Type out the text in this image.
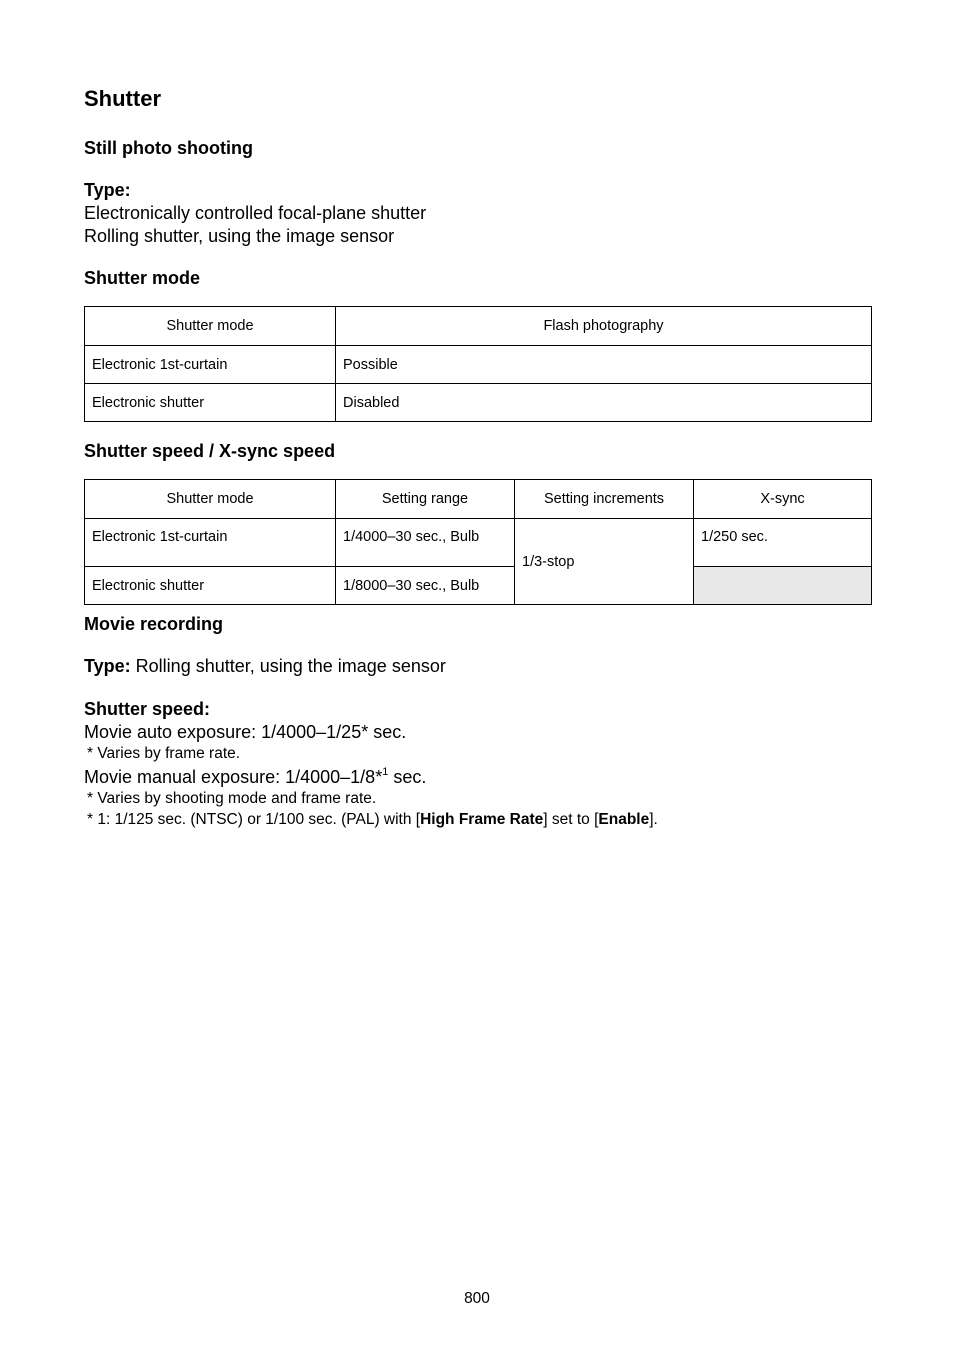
Shutter
Still photo shooting
Type:
Electronically controlled focal-plane shutter
Rolling shutter, using the image sensor
Shutter mode
Shutter mode	Flash photography
Electronic 1st-curtain	Possible
Electronic shutter	Disabled
Shutter speed / X-sync speed
Shutter mode	Setting range	Setting increments	X-sync
Electronic 1st-curtain	1/4000–30 sec., Bulb	1/3-stop	1/250 sec.
Electronic shutter	1/8000–30 sec., Bulb		
Movie recording
Type: Rolling shutter, using the image sensor
Shutter speed:
Movie auto exposure: 1/4000–1/25* sec.
* Varies by frame rate.
Movie manual exposure: 1/4000–1/8*$^1$ sec.
* Varies by shooting mode and frame rate.
* 1: 1/125 sec. (NTSC) or 1/100 sec. (PAL) with [High Frame Rate] set to [Enable].
800
